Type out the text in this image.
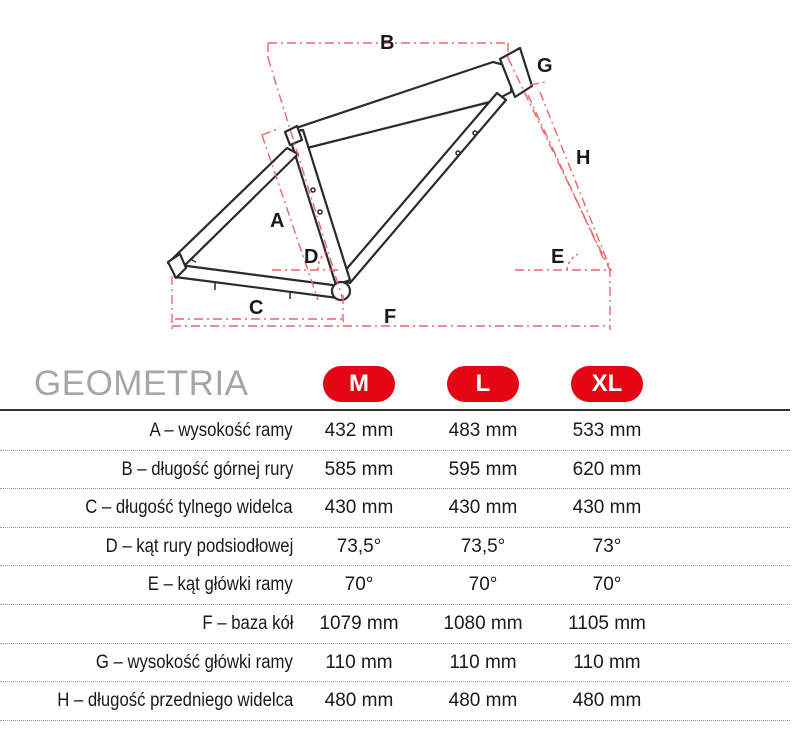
B
G
H
A
D	E
C	F
GEOMETRIA	M	L	XL
A – wysokość ramy	432 mm	483 mm	533 mm
B – długość górnej rury	585 mm	595 mm	620 mm
C – długość tylnego widelca	430 mm	430 mm	430 mm
D – kąt rury podsiodłowej	73,5°	73,5°	73°
E – kąt główki ramy	70°	70°	70°
F – baza kół	1079 mm	1080 mm	1105 mm
G – wysokość główki ramy	110 mm	110 mm	110 mm
H – długość przedniego widelca	480 mm	480 mm	480 mm
